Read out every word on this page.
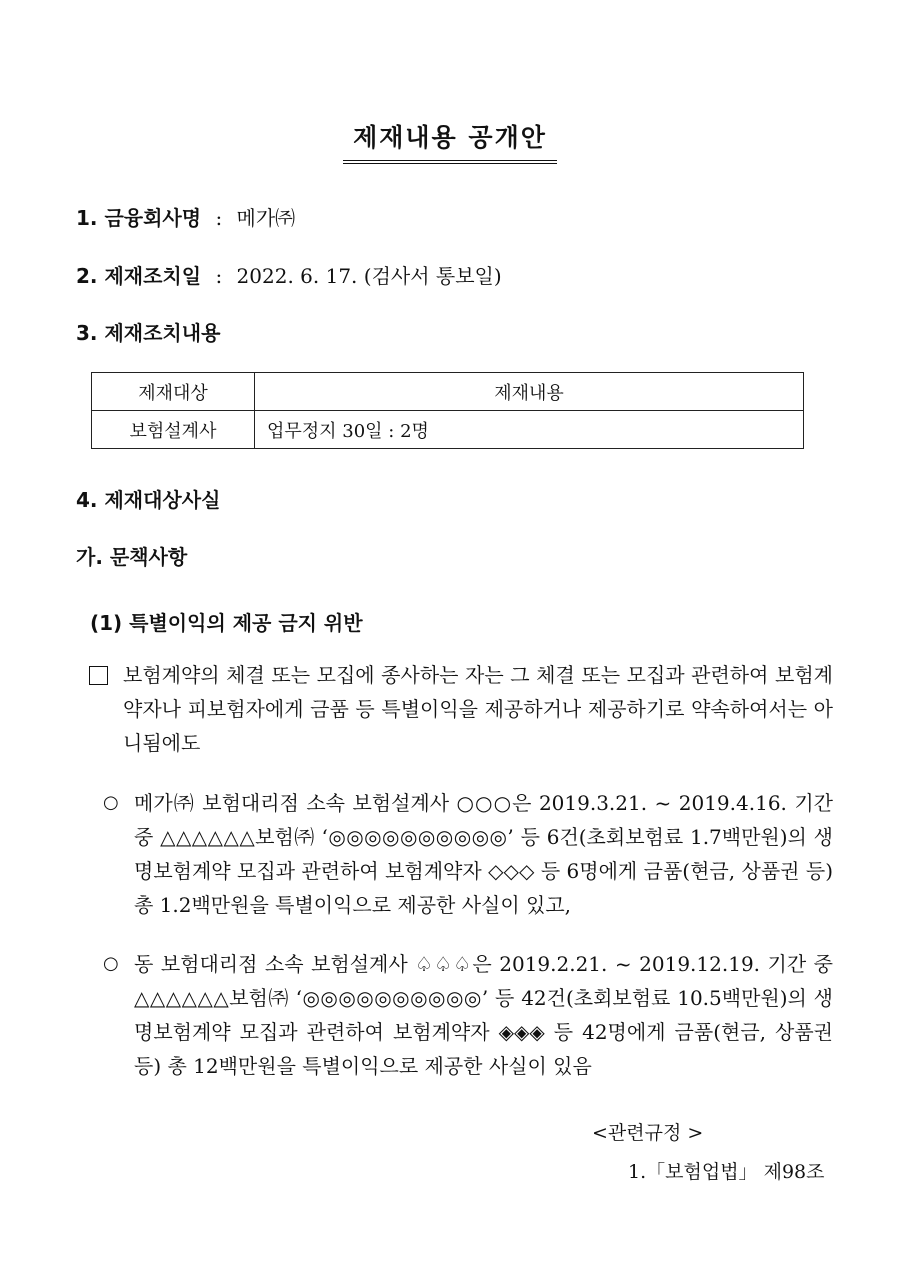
제재내용 공개안
1. 금융회사명 : 메가㈜
2. 제재조치일 : 2022. 6. 17. (검사서 통보일)
3. 제재조치내용
제재대상	제재내용
보험설계사	업무정지 30일 : 2명
4. 제재대상사실
가. 문책사항
(1) 특별이익의 제공 금지 위반
보험계약의 체결 또는 모집에 종사하는 자는 그 체결 또는 모집과 관련하여 보험계약자나 피보험자에게 금품 등 특별이익을 제공하거나 제공하기로 약속하여서는 아니됨에도
○ 메가㈜ 보험대리점 소속 보험설계사 ○○○은 2019.3.21. ~ 2019.4.16. 기간 중 △△△△△△보험㈜ ‘◎◎◎◎◎◎◎◎◎◎’ 등 6건(초회보험료 1.7백만원)의 생명보험계약 모집과 관련하여 보험계약자 ◇◇◇ 등 6명에게 금품(현금, 상품권 등) 총 1.2백만원을 특별이익으로 제공한 사실이 있고,
○ 동 보험대리점 소속 보험설계사 ♤♤♤은 2019.2.21. ~ 2019.12.19. 기간 중 △△△△△△보험㈜ ‘◎◎◎◎◎◎◎◎◎◎’ 등 42건(초회보험료 10.5백만원)의 생명보험계약 모집과 관련하여 보험계약자 ◈◈◈ 등 42명에게 금품(현금, 상품권 등) 총 12백만원을 특별이익으로 제공한 사실이 있음
<관련규정 >
1.「보험업법」 제98조
